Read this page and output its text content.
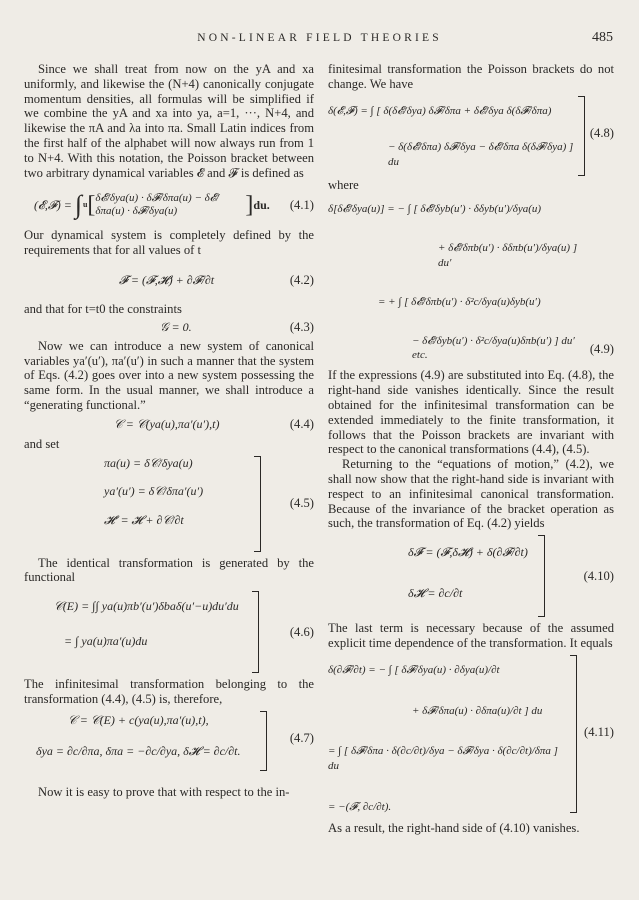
NON-LINEAR FIELD THEORIES	485

Since we shall treat from now on the yA and xa uniformly, and likewise the (N+4) canonically conjugate momentum densities, all formulas will be simplified if we combine the yA and xa into ya, a=1, ···, N+4, and likewise the πA and λa into πa. Small Latin indices from the first half of the alphabet will now always run from 1 to N+4. With this notation, the Poisson bracket between two arbitrary dynamical variables 𝓔 and 𝓕 is defined as

(𝓔,𝓕) = ∫ u [ δ𝓔/δya(u) · δ𝓕/δπa(u) − δ𝓔/δπa(u) · δ𝓕/δya(u)	] du. (4.1)

Our dynamical system is completely defined by the requirements that for all values of t

𝓕̇ = (𝓕,𝓗) + ∂𝓕/∂t	(4.2)

and that for t=t0 the constraints

𝒢 = 0.	(4.3)

Now we can introduce a new system of canonical variables ya′(u′), πa′(u′) in such a manner that the system of Eqs. (4.2) goes over into a new system possessing the same form. In the usual manner, we shall introduce a “generating functional.”

𝒞 = 𝒞(ya(u),πa′(u′),t)	(4.4)

and set

πa(u) = δ𝒞/δya(u)
ya′(u′) = δ𝒞/δπa′(u′)
𝓗′ = 𝓗 + ∂𝒞/∂t
(4.5)

The identical transformation is generated by the functional

𝒞(E) = ∫∫ ya(u)πb′(u′)δbaδ(u′−u)du′du
= ∫ ya(u)πa′(u)du
(4.6)

The infinitesimal transformation belonging to the transformation (4.4), (4.5) is, therefore,

𝒞 = 𝒞(E) + c(ya(u),πa′(u),t),
δya = ∂c/∂πa, δπa = −∂c/∂ya, δ𝓗 = ∂c/∂t.
(4.7)

Now it is easy to prove that with respect to the in-

finitesimal transformation the Poisson brackets do not change. We have

δ(𝓔,𝓕) = ∫ [ δ(δ𝓔/δya) δ𝓕/δπa + δ𝓔/δya δ(δ𝓕/δπa)
− δ(δ𝓔/δπa) δ𝓕/δya − δ𝓔/δπa δ(δ𝓕/δya) ] du
(4.8)

where

δ[δ𝓔/δya(u)] = − ∫ [ δ𝓔/δyb(u′) · δδyb(u′)/δya(u)
+ δ𝓔/δπb(u′) · δδπb(u′)/δya(u) ] du′
= + ∫ [ δ𝓔/δπb(u′) · δ²c/δya(u)δyb(u′)
− δ𝓔/δyb(u′) · δ²c/δya(u)δπb(u′) ] du′ etc.	(4.9)

If the expressions (4.9) are substituted into Eq. (4.8), the right-hand side vanishes identically. Since the result obtained for the infinitesimal transformation can be extended immediately to the finite transformation, it follows that the Poisson brackets are invariant with respect to the canonical transformations (4.4), (4.5).

Returning to the “equations of motion,” (4.2), we shall now show that the right-hand side is invariant with respect to an infinitesimal canonical transformation. Because of the invariance of the bracket operation as such, the transformation of Eq. (4.2) yields

δ𝓕̇ = (𝓕,δ𝓗) + δ(∂𝓕/∂t)
δ𝓗 = ∂c/∂t
(4.10)

The last term is necessary because of the assumed explicit time dependence of the transformation. It equals

δ(∂𝓕/∂t) = − ∫ [ δ𝓕/δya(u) · ∂δya(u)/∂t
+ δ𝓕/δπa(u) · ∂δπa(u)/∂t ] du
= ∫ [ δ𝓕/δπa · δ(∂c/∂t)/δya − δ𝓕/δya · δ(∂c/∂t)/δπa ] du
= −(𝓕, ∂c/∂t).
(4.11)

As a result, the right-hand side of (4.10) vanishes.
